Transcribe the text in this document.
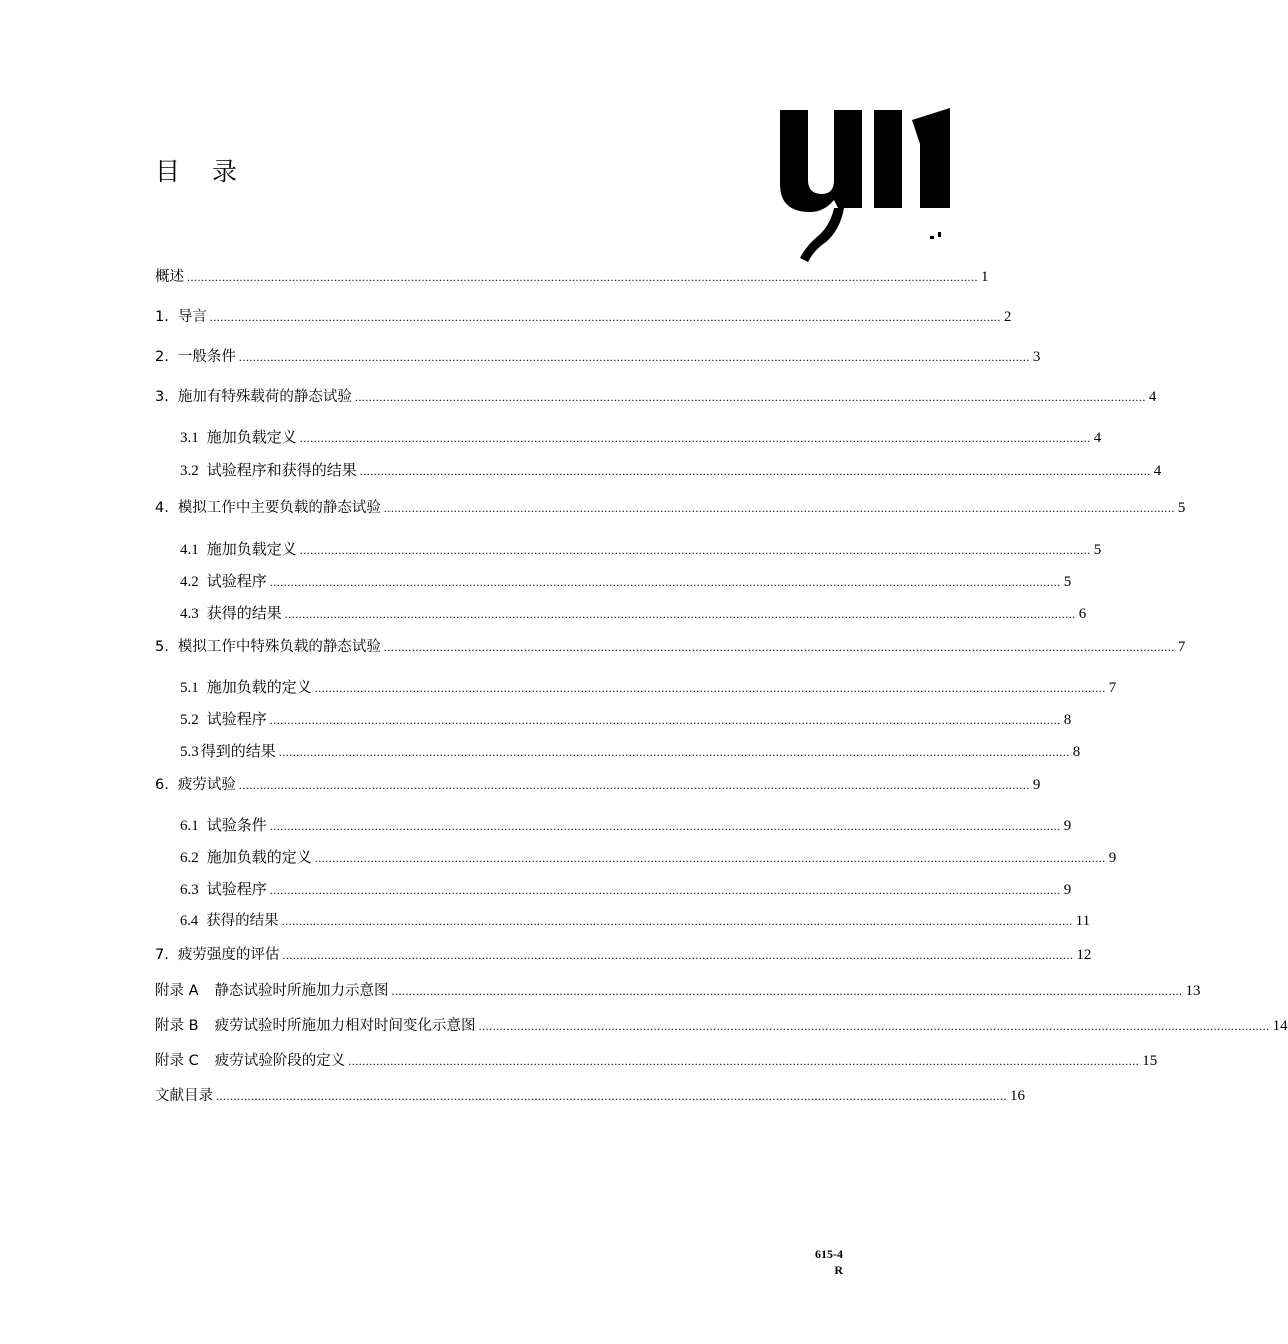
目 录
概述 .................................................................................................................................................................................................................................. 1
1. 导言 .................................................................................................................................................................................................................................. 2
2. 一般条件 .................................................................................................................................................................................................................................. 3
3. 施加有特殊载荷的静态试验 .................................................................................................................................................................................................................................. 4
3.1 施加负载定义 .................................................................................................................................................................................................................................. 4
3.2 试验程序和获得的结果 .................................................................................................................................................................................................................................. 4
4. 模拟工作中主要负载的静态试验 .................................................................................................................................................................................................................................. 5
4.1 施加负载定义 .................................................................................................................................................................................................................................. 5
4.2 试验程序 .................................................................................................................................................................................................................................. 5
4.3 获得的结果 .................................................................................................................................................................................................................................. 6
5. 模拟工作中特殊负载的静态试验 .................................................................................................................................................................................................................................. 7
5.1 施加负载的定义 .................................................................................................................................................................................................................................. 7
5.2 试验程序 .................................................................................................................................................................................................................................. 8
5.3 得到的结果 .................................................................................................................................................................................................................................. 8
6. 疲劳试验 .................................................................................................................................................................................................................................. 9
6.1 试验条件 .................................................................................................................................................................................................................................. 9
6.2 施加负载的定义 .................................................................................................................................................................................................................................. 9
6.3 试验程序 .................................................................................................................................................................................................................................. 9
6.4 获得的结果 .................................................................................................................................................................................................................................. 11
7. 疲劳强度的评估 .................................................................................................................................................................................................................................. 12
附录 A 静态试验时所施加力示意图 .................................................................................................................................................................................................................................. 13
附录 B 疲劳试验时所施加力相对时间变化示意图 .................................................................................................................................................................................................................................. 14
附录 C 疲劳试验阶段的定义 .................................................................................................................................................................................................................................. 15
文献目录 .................................................................................................................................................................................................................................. 16
615-4
R
